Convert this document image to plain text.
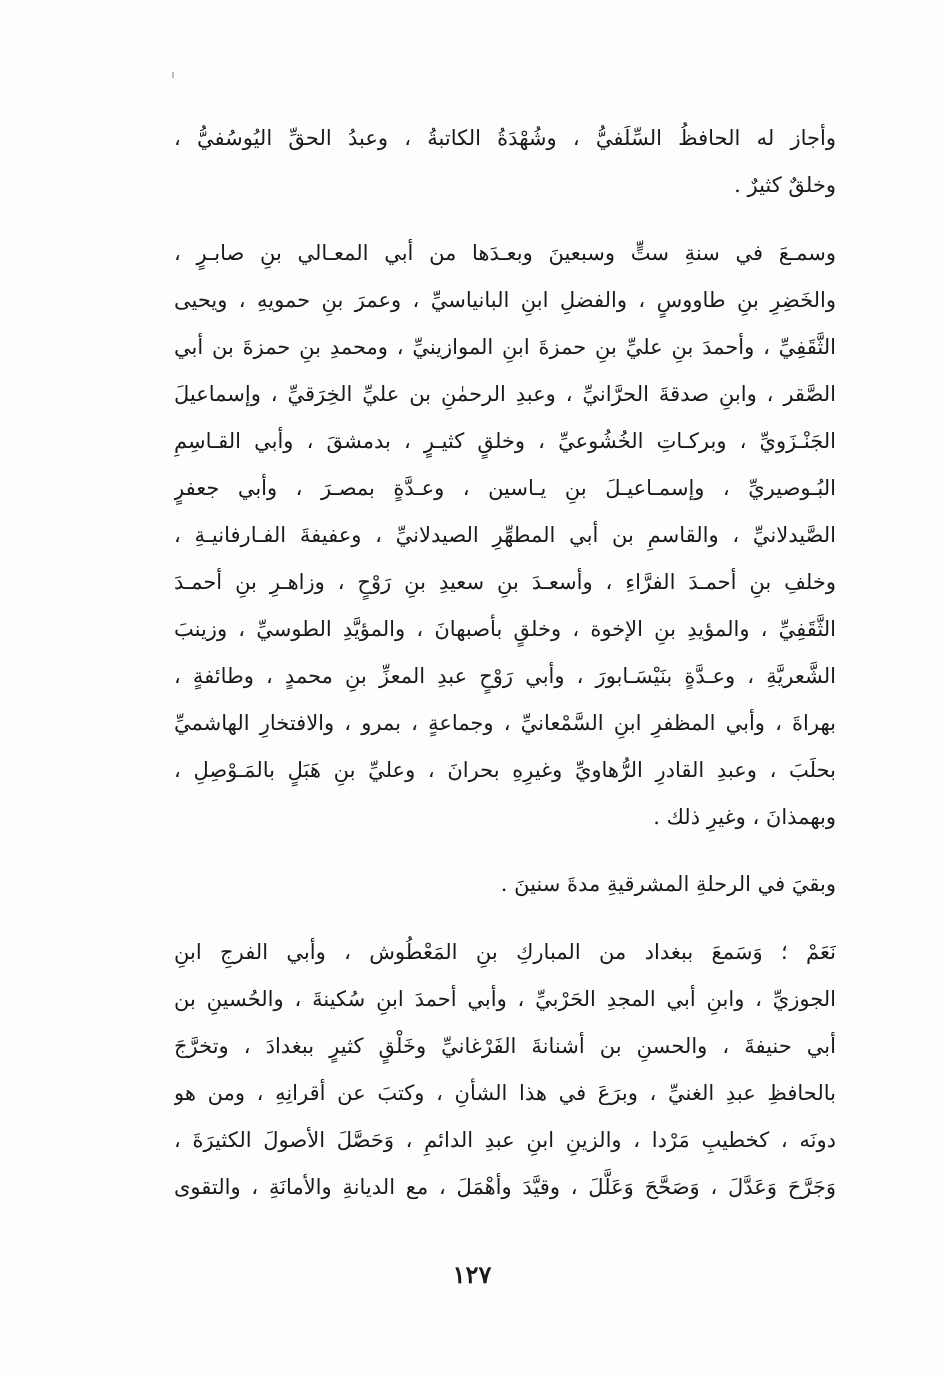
وأجاز له الحافظُ السِّلَفيُّ ، وشُهْدَةُ الكاتبةُ ، وعبدُ الحقِّ اليُوسُفيُّ ،
وخلقٌ كثيرٌ .
وسمـعَ في سنةِ ستٍّ وسبعينَ وبعـدَها من أبي المعـالي بنِ صابـرٍ ،
والخَضِرِ بنِ طاووسٍ ، والفضلِ ابنِ البانياسيِّ ، وعمرَ بنِ حمويهِ ، ويحيى
الثَّقَفِيِّ ، وأحمدَ بنِ عليِّ بنِ حمزةَ ابنِ الموازينيِّ ، ومحمدِ بنِ حمزةَ بن أبي
الصَّقر ، وابنِ صدقةَ الحرَّانيِّ ، وعبدِ الرحمٰنِ بن عليِّ الخِرَقيِّ ، وإسماعيلَ
الجَنْـزَويِّ ، وبركـاتِ الخُشُوعيِّ ، وخلقٍ كثيـرٍ ، بدمشقَ ، وأبي القـاسِمِ
البُـوصيريِّ ، وإسمـاعيـلَ بنِ يـاسين ، وعـدَّةٍ بمصـرَ ، وأبي جعفرٍ
الصَّيدلانيِّ ، والقاسمِ بن أبي المطهِّرِ الصيدلانيِّ ، وعفيفةَ الفـارفانيـةِ ،
وخلفِ بنِ أحمـدَ الفرَّاءِ ، وأسعـدَ بنِ سعيدِ بنِ رَوْحٍ ، وزاهـرِ بنِ أحمـدَ
الثَّقَفِيِّ ، والمؤيدِ بنِ الإخوة ، وخلقٍ بأصبهانَ ، والمؤيَّدِ الطوسيِّ ، وزينبَ
الشَّعريَّةِ ، وعـدَّةٍ بنَيْسَـابورَ ، وأبي رَوْحٍ عبدِ المعزِّ بنِ محمدٍ ، وطائفةٍ ،
بهراةَ ، وأبي المظفرِ ابنِ السَّمْعانيِّ ، وجماعةٍ ، بمرو ، والافتخارِ الهاشميِّ
بحلَبَ ، وعبدِ القادرِ الرُّهاويِّ وغيرِهِ بحرانَ ، وعليِّ بنِ هَبَلٍ بالمَـوْصِلِ ،
وبهمذانَ ، وغيرِ ذلك .
وبقيَ في الرحلةِ المشرقيةِ مدةَ سنينَ .
نَعَمْ ؛ وَسَمعَ ببغداد من المباركِ بنِ المَعْطُوش ، وأبي الفرجِ ابنِ
الجوزيِّ ، وابنِ أبي المجدِ الحَرْبيِّ ، وأبي أحمدَ ابنِ سُكينةَ ، والحُسينِ بن
أبي حنيفةَ ، والحسنِ بن أشنانةَ الفَرْغانيِّ وخَلْقٍ كثيرٍ ببغدادَ ، وتخرَّجَ
بالحافظِ عبدِ الغنيِّ ، وبرَعَ في هذا الشأنِ ، وكتبَ عن أقرانِهِ ، ومن هو
دونَه ، كخطيبِ مَرْدا ، والزينِ ابنِ عبدِ الدائمِ ، وَحَصَّلَ الأصولَ الكثيرَةَ ،
وَجَرَّحَ وَعَدَّلَ ، وَصَحَّحَ وَعَلَّلَ ، وقيَّدَ وأهْمَلَ ، مع الديانةِ والأمانَةِ ، والتقوى
١٢٧
